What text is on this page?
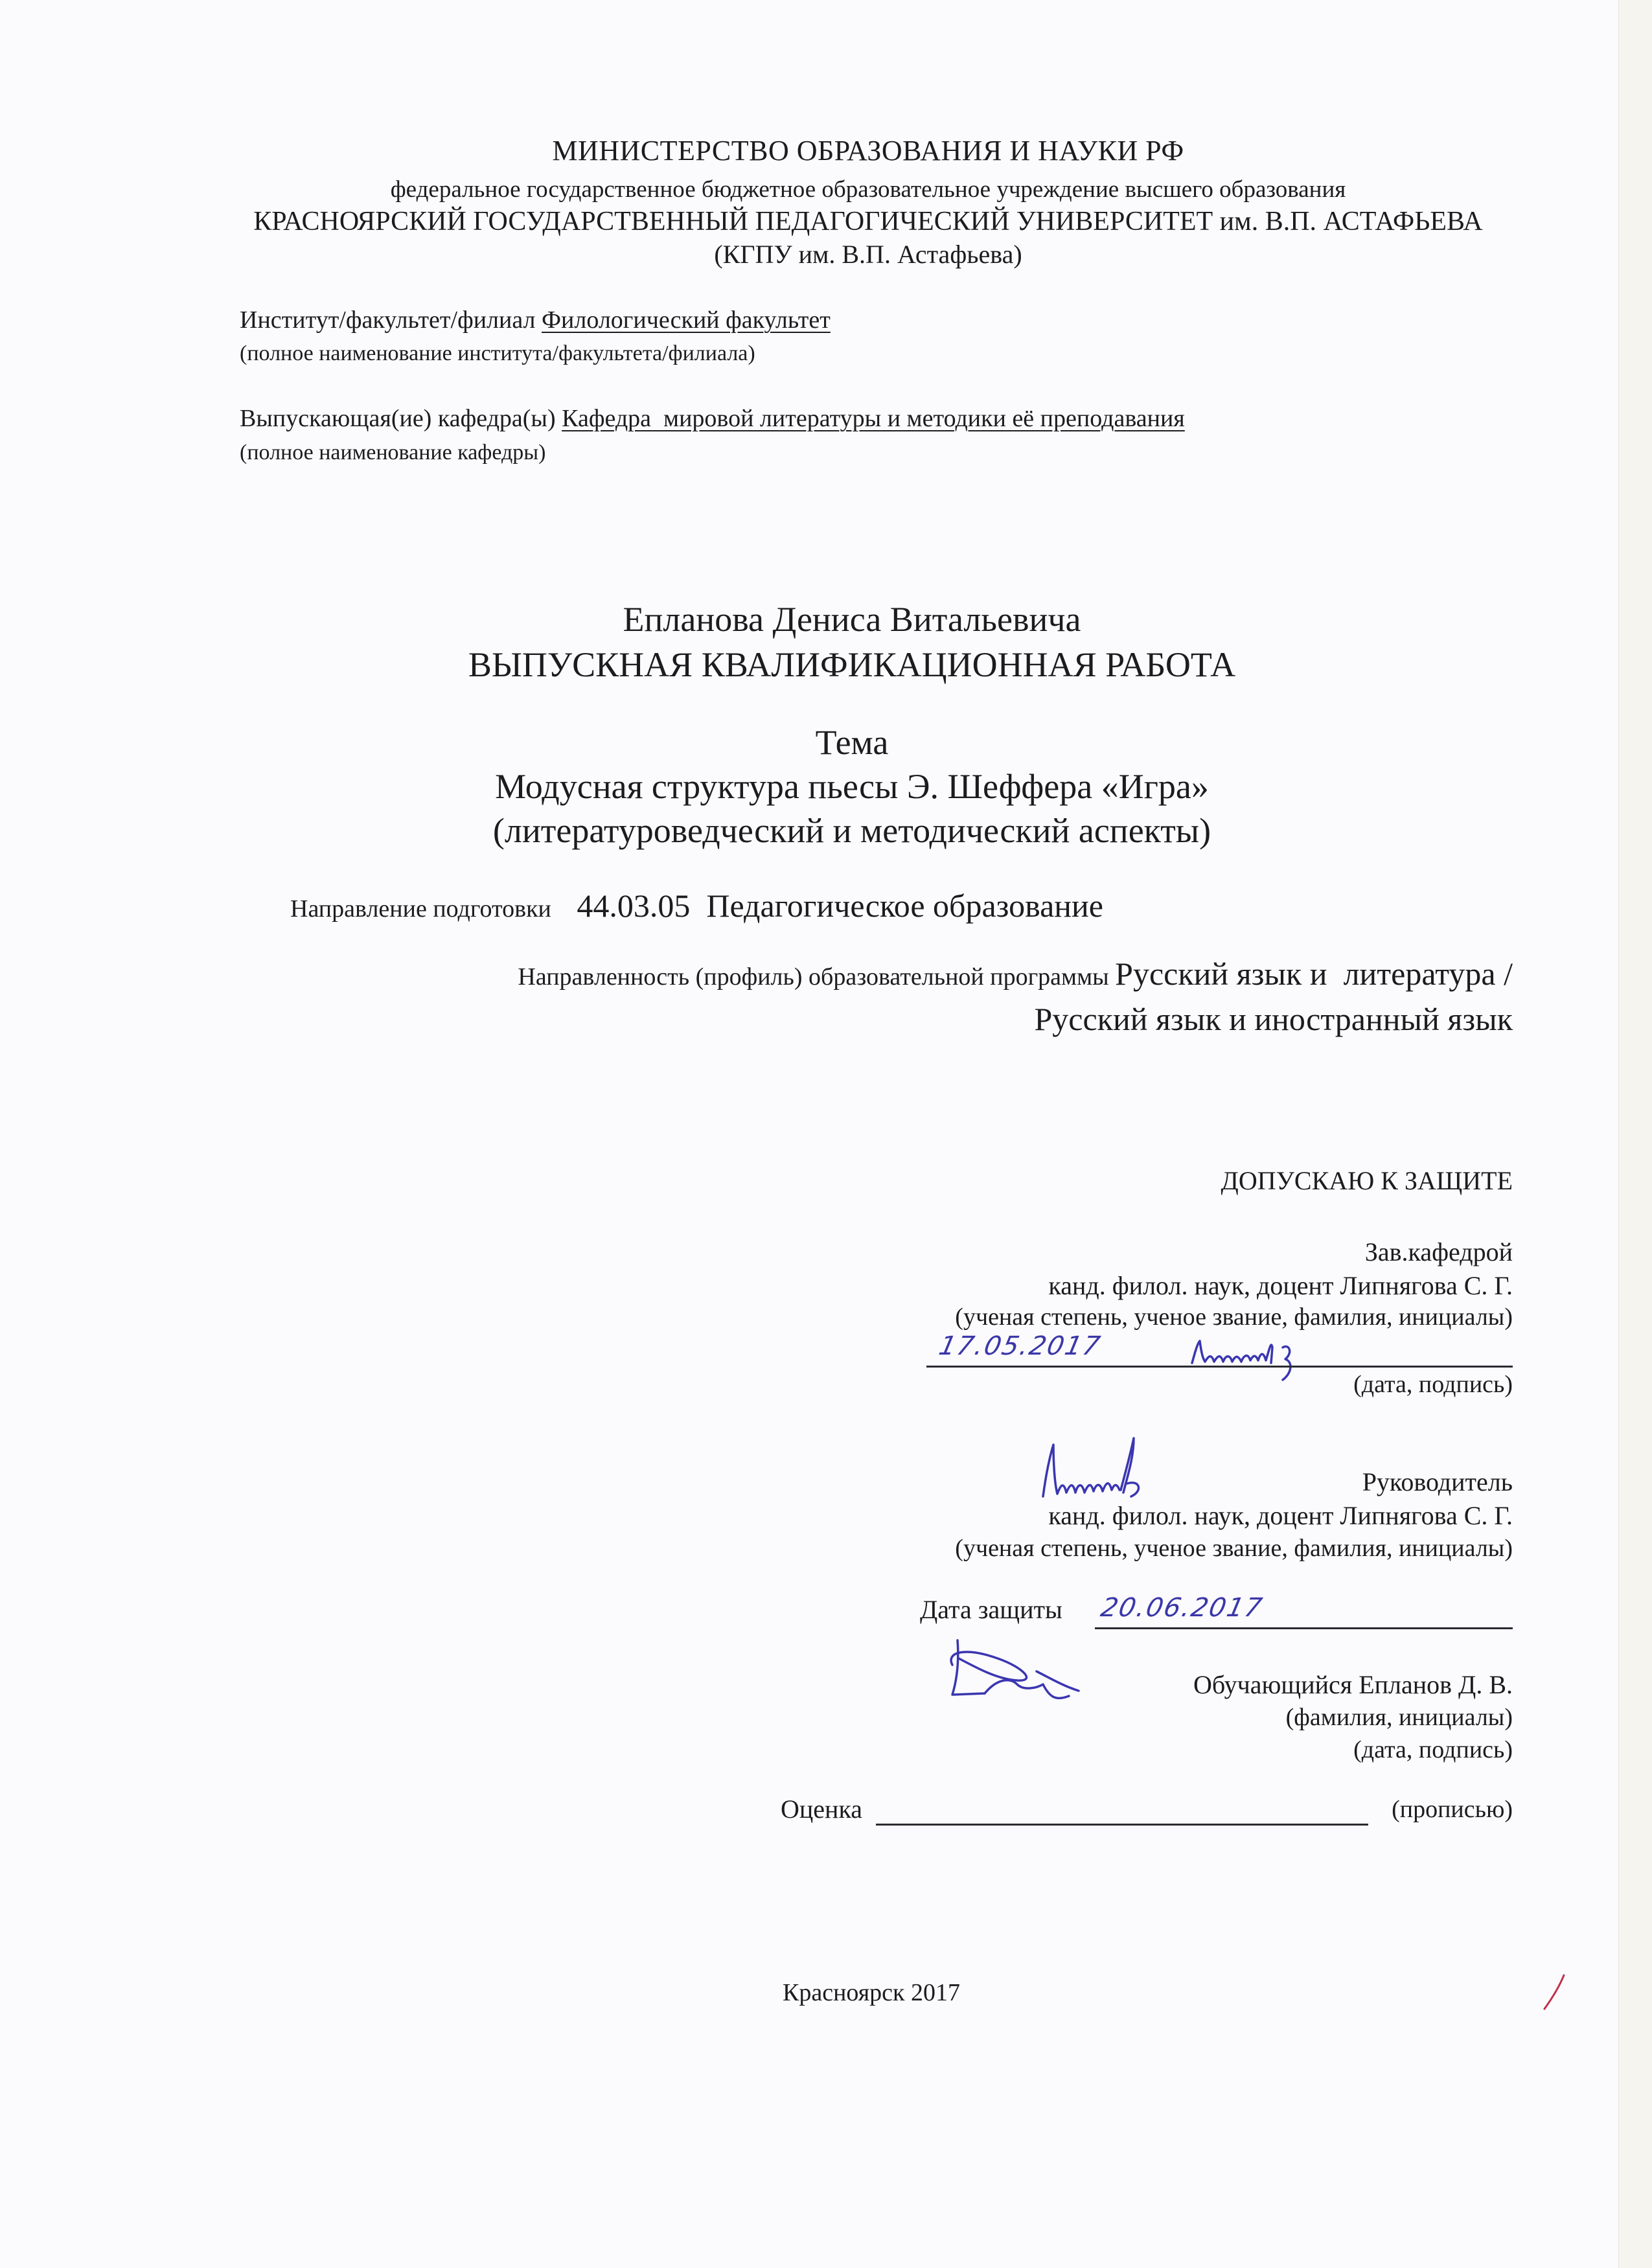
МИНИСТЕРСТВО ОБРАЗОВАНИЯ И НАУКИ РФ
федеральное государственное бюджетное образовательное учреждение высшего образования
КРАСНОЯРСКИЙ ГОСУДАРСТВЕННЫЙ ПЕДАГОГИЧЕСКИЙ УНИВЕРСИТЕТ им. В.П. АСТАФЬЕВА
(КГПУ им. В.П. Астафьева)
Институт/факультет/филиал Филологический факультет
(полное наименование института/факультета/филиала)
Выпускающая(ие) кафедра(ы) Кафедра  мировой литературы и методики её преподавания
(полное наименование кафедры)
Епланова Дениса Витальевича
ВЫПУСКНАЯ КВАЛИФИКАЦИОННАЯ РАБОТА
Тема
Модусная структура пьесы Э. Шеффера «Игра»
(литературоведческий и методический аспекты)
Направление подготовки 44.03.05  Педагогическое образование
Направленность (профиль) образовательной программы Русский язык и  литература /
Русский язык и иностранный язык
ДОПУСКАЮ К ЗАЩИТЕ
Зав.кафедрой
канд. филол. наук, доцент Липнягова С. Г.
(ученая степень, ученое звание, фамилия, инициалы)
17.05.2017
(дата, подпись)
Руководитель
канд. филол. наук, доцент Липнягова С. Г.
(ученая степень, ученое звание, фамилия, инициалы)
Дата защиты 20.06.2017
Обучающийся Епланов Д. В.
(фамилия, инициалы)
(дата, подпись)
Оценка	(прописью)
Красноярск 2017
